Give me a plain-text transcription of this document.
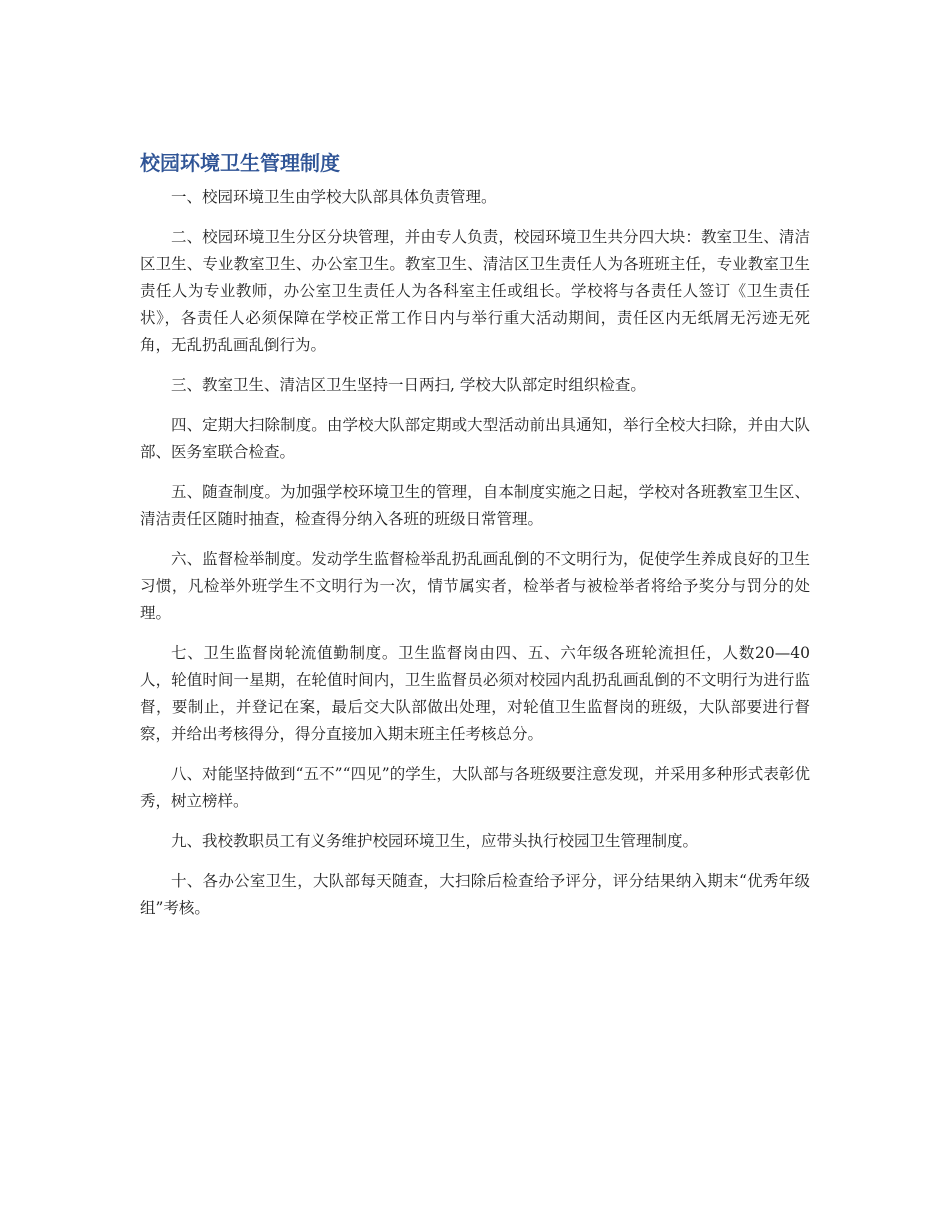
校园环境卫生管理制度

一、校园环境卫生由学校大队部具体负责管理。

二、校园环境卫生分区分块管理，并由专人负责，校园环境卫生共分四大块：教室卫生、清洁区卫生、专业教室卫生、办公室卫生。教室卫生、清洁区卫生责任人为各班班主任，专业教室卫生责任人为专业教师，办公室卫生责任人为各科室主任或组长。学校将与各责任人签订《卫生责任状》，各责任人必须保障在学校正常工作日内与举行重大活动期间，责任区内无纸屑无污迹无死角，无乱扔乱画乱倒行为。

三、教室卫生、清洁区卫生坚持一日两扫, 学校大队部定时组织检查。

四、定期大扫除制度。由学校大队部定期或大型活动前出具通知，举行全校大扫除，并由大队部、医务室联合检查。

五、随查制度。为加强学校环境卫生的管理，自本制度实施之日起，学校对各班教室卫生区、清洁责任区随时抽查，检查得分纳入各班的班级日常管理。

六、监督检举制度。发动学生监督检举乱扔乱画乱倒的不文明行为，促使学生养成良好的卫生习惯，凡检举外班学生不文明行为一次，情节属实者，检举者与被检举者将给予奖分与罚分的处理。

七、卫生监督岗轮流值勤制度。卫生监督岗由四、五、六年级各班轮流担任，人数20—40人，轮值时间一星期，在轮值时间内，卫生监督员必须对校园内乱扔乱画乱倒的不文明行为进行监督，要制止，并登记在案，最后交大队部做出处理，对轮值卫生监督岗的班级，大队部要进行督察，并给出考核得分，得分直接加入期末班主任考核总分。

八、对能坚持做到“五不”“四见”的学生，大队部与各班级要注意发现，并采用多种形式表彰优秀，树立榜样。

九、我校教职员工有义务维护校园环境卫生，应带头执行校园卫生管理制度。

十、各办公室卫生，大队部每天随查，大扫除后检查给予评分，评分结果纳入期末“优秀年级组”考核。
